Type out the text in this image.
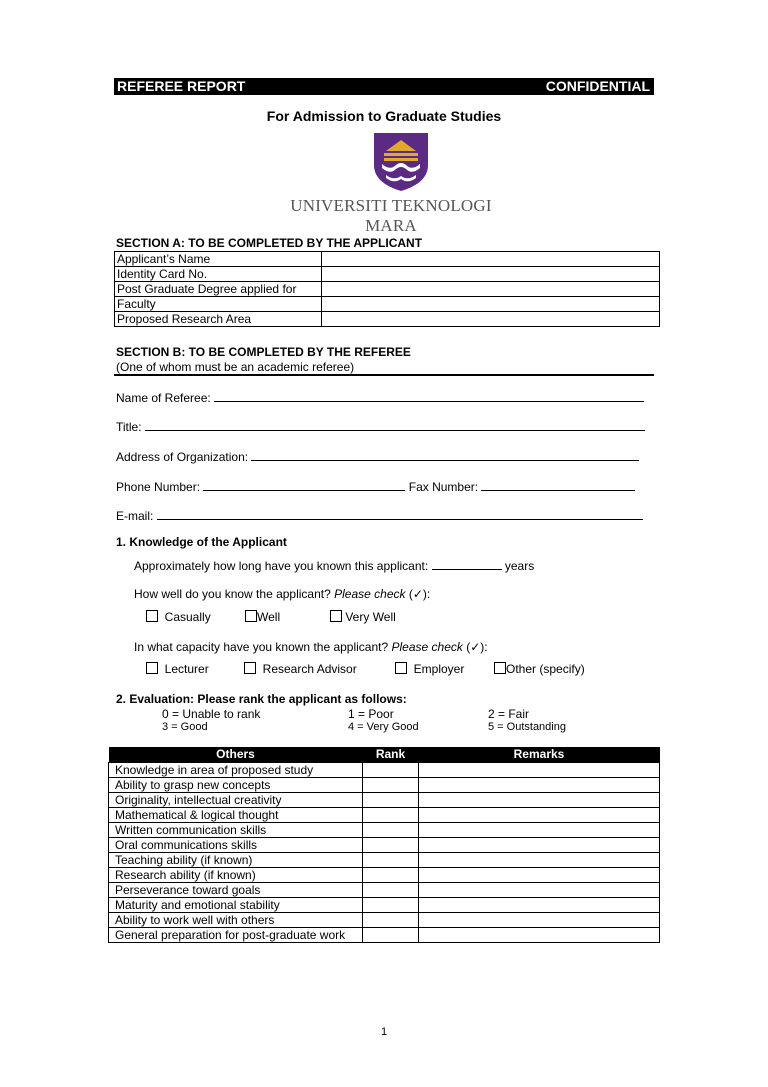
REFEREE REPORT	CONFIDENTIAL
For Admission to Graduate Studies
UNIVERSITI TEKNOLOGI MARA
SECTION A: TO BE COMPLETED BY THE APPLICANT
Applicant’s Name	
Identity Card No.	
Post Graduate Degree applied for	
Faculty	
Proposed Research Area	
SECTION B: TO BE COMPLETED BY THE REFEREE
(One of whom must be an academic referee)
Name of Referee:
Title:
Address of Organization:
Phone Number:	Fax Number:
E-mail:
1. Knowledge of the Applicant
Approximately how long have you known this applicant:	years
How well do you know the applicant? Please check (✓):
Casually	Well	Very Well
In what capacity have you known the applicant? Please check (✓):
Lecturer	Research Advisor	Employer	Other (specify)
2. Evaluation: Please rank the applicant as follows:
0 = Unable to rank	1 = Poor	2 = Fair
3 = Good	4 = Very Good	5 = Outstanding
Others	Rank	Remarks
Knowledge in area of proposed study		
Ability to grasp new concepts		
Originality, intellectual creativity		
Mathematical & logical thought		
Written communication skills		
Oral communications skills		
Teaching ability (if known)		
Research ability (if known)		
Perseverance toward goals		
Maturity and emotional stability		
Ability to work well with others		
General preparation for post-graduate work		
1
